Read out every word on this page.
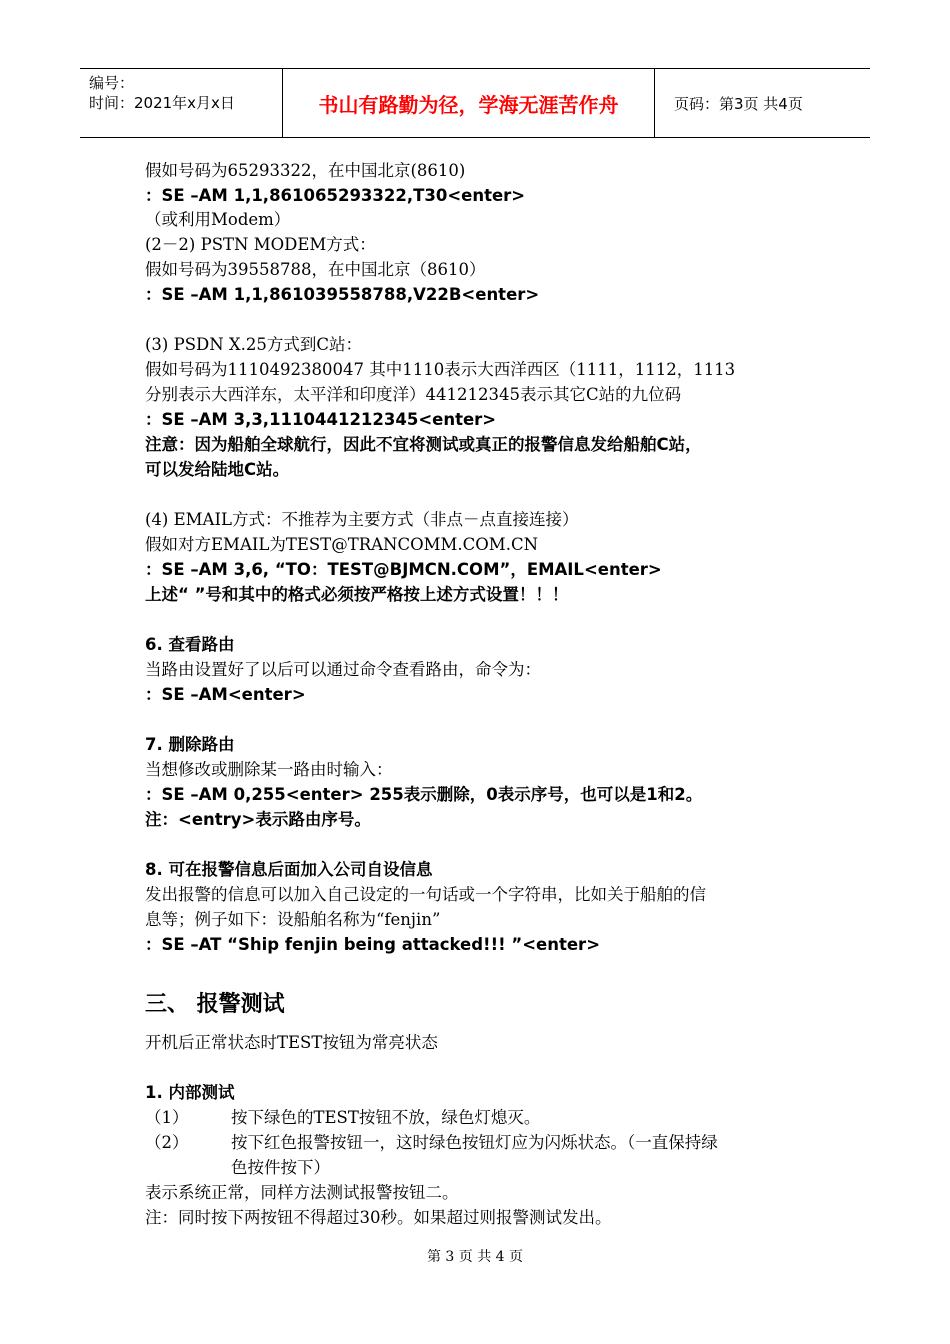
编号：
时间：2021年x月x日	书山有路勤为径，学海无涯苦作舟	页码：第3页 共4页
假如号码为65293322，在中国北京(8610)
：SE –AM 1,1,861065293322,T30<enter>
（或利用Modem）
(2－2) PSTN MODEM方式：
假如号码为39558788，在中国北京（8610）
：SE –AM 1,1,861039558788,V22B<enter>
(3) PSDN X.25方式到C站：
假如号码为1110492380047 其中1110表示大西洋西区（1111，1112，1113
分别表示大西洋东，太平洋和印度洋）441212345表示其它C站的九位码
：SE –AM 3,3,1110441212345<enter>
注意：因为船舶全球航行，因此不宜将测试或真正的报警信息发给船舶C站，
可以发给陆地C站。
(4) EMAIL方式：不推荐为主要方式（非点－点直接连接）
假如对方EMAIL为TEST@TRANCOMM.COM.CN
：SE –AM 3,6, “TO：TEST@BJMCN.COM”，EMAIL<enter>
上述“ ”号和其中的格式必须按严格按上述方式设置！！！
6. 查看路由
当路由设置好了以后可以通过命令查看路由，命令为：
：SE –AM<enter>
7. 删除路由
当想修改或删除某一路由时输入：
：SE –AM 0,255<enter> 255表示删除，0表示序号，也可以是1和2。
注：<entry>表示路由序号。
8. 可在报警信息后面加入公司自设信息
发出报警的信息可以加入自己设定的一句话或一个字符串，比如关于船舶的信
息等；例子如下：设船舶名称为“fenjin”
：SE –AT “Ship fenjin being attacked!!! ”<enter>
三、 报警测试
开机后正常状态时TEST按钮为常亮状态
1. 内部测试
（1）	按下绿色的TEST按钮不放，绿色灯熄灭。
（2）	按下红色报警按钮一，这时绿色按钮灯应为闪烁状态。（一直保持绿
色按件按下）
表示系统正常，同样方法测试报警按钮二。
注：同时按下两按钮不得超过30秒。如果超过则报警测试发出。
第 3 页 共 4 页
